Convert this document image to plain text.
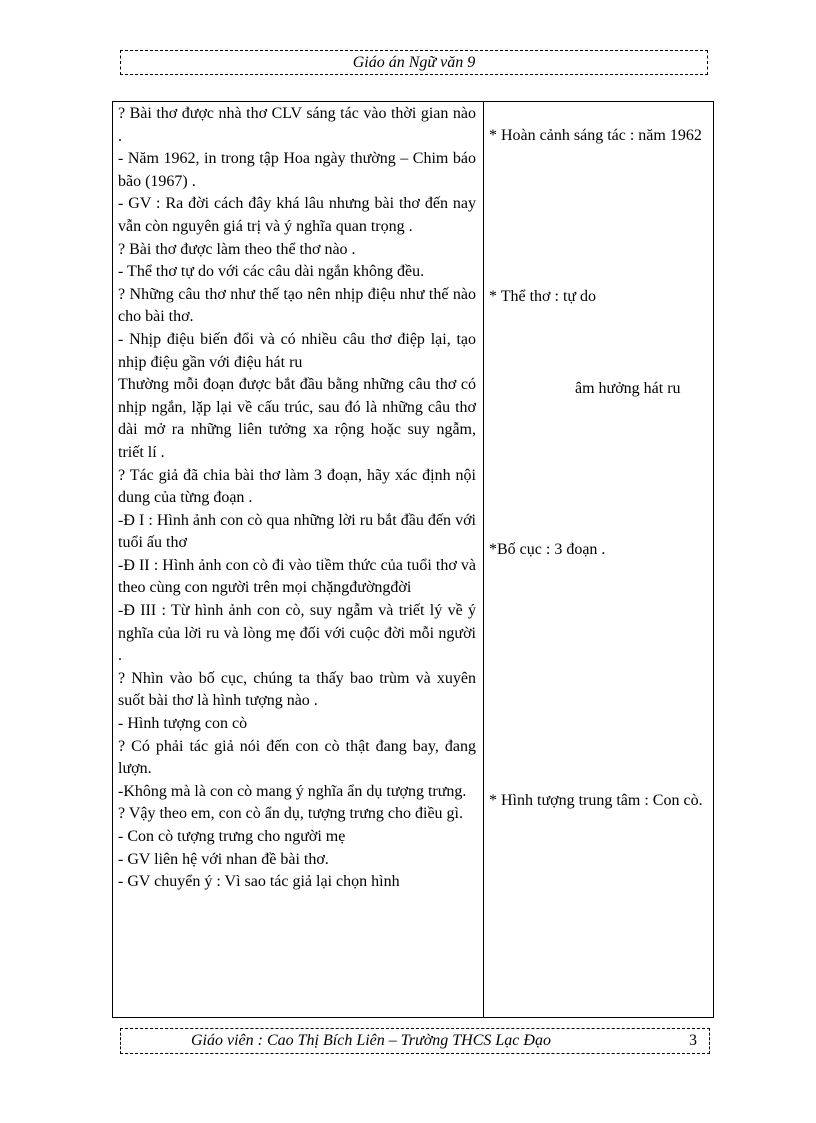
Giáo án Ngữ văn 9

? Bài thơ được nhà thơ CLV sáng tác vào thời gian nào .

- Năm 1962, in trong tập Hoa ngày thường – Chim báo bão (1967) .

- GV : Ra đời cách đây khá lâu nhưng bài thơ đến nay vẫn còn nguyên giá trị và ý nghĩa quan trọng .

? Bài thơ được làm theo thể thơ nào .

- Thể thơ tự do với các câu dài ngắn không đều.

? Những câu thơ như thế tạo nên nhịp điệu như thế nào cho bài thơ.

- Nhịp điệu biến đổi và có nhiều câu thơ điệp lại, tạo nhịp điệu gần với điệu hát ru

Thường mỗi đoạn được bắt đầu bằng những câu thơ có nhịp ngắn, lặp lại về cấu trúc, sau đó là những câu thơ dài mở ra những liên tưởng xa rộng hoặc suy ngẫm, triết lí .

? Tác giả đã chia bài thơ làm 3 đoạn, hãy xác định nội dung của từng đoạn .

-Đ I : Hình ảnh con cò qua những lời ru bắt đầu đến với tuổi ấu thơ

-Đ II : Hình ảnh con cò đi vào tiềm thức của tuổi thơ và theo cùng con người trên mọi chặngđườngđời

-Đ III : Từ hình ảnh con cò, suy ngẫm và triết lý về ý nghĩa của lời ru và lòng mẹ đối với cuộc đời mỗi người .

? Nhìn vào bố cục, chúng ta thấy bao trùm và xuyên suốt bài thơ là hình tượng nào .

- Hình tượng con cò

? Có phải tác giả nói đến con cò thật đang bay, đang lượn.

-Không mà là con cò mang ý nghĩa ẩn dụ tượng trưng.

? Vậy theo em, con cò ẩn dụ, tượng trưng cho điều gì.

- Con cò tượng trưng cho người mẹ

- GV liên hệ với nhan đề bài thơ.

- GV chuyển ý : Vì sao tác giả lại chọn hình

* Hoàn cảnh sáng tác : năm 1962

* Thể thơ : tự do

âm hưởng hát ru

*Bố cục : 3 đoạn .

* Hình tượng trung tâm : Con cò.

Giáo viên : Cao Thị Bích Liên – Trường THCS Lạc Đạo	3
